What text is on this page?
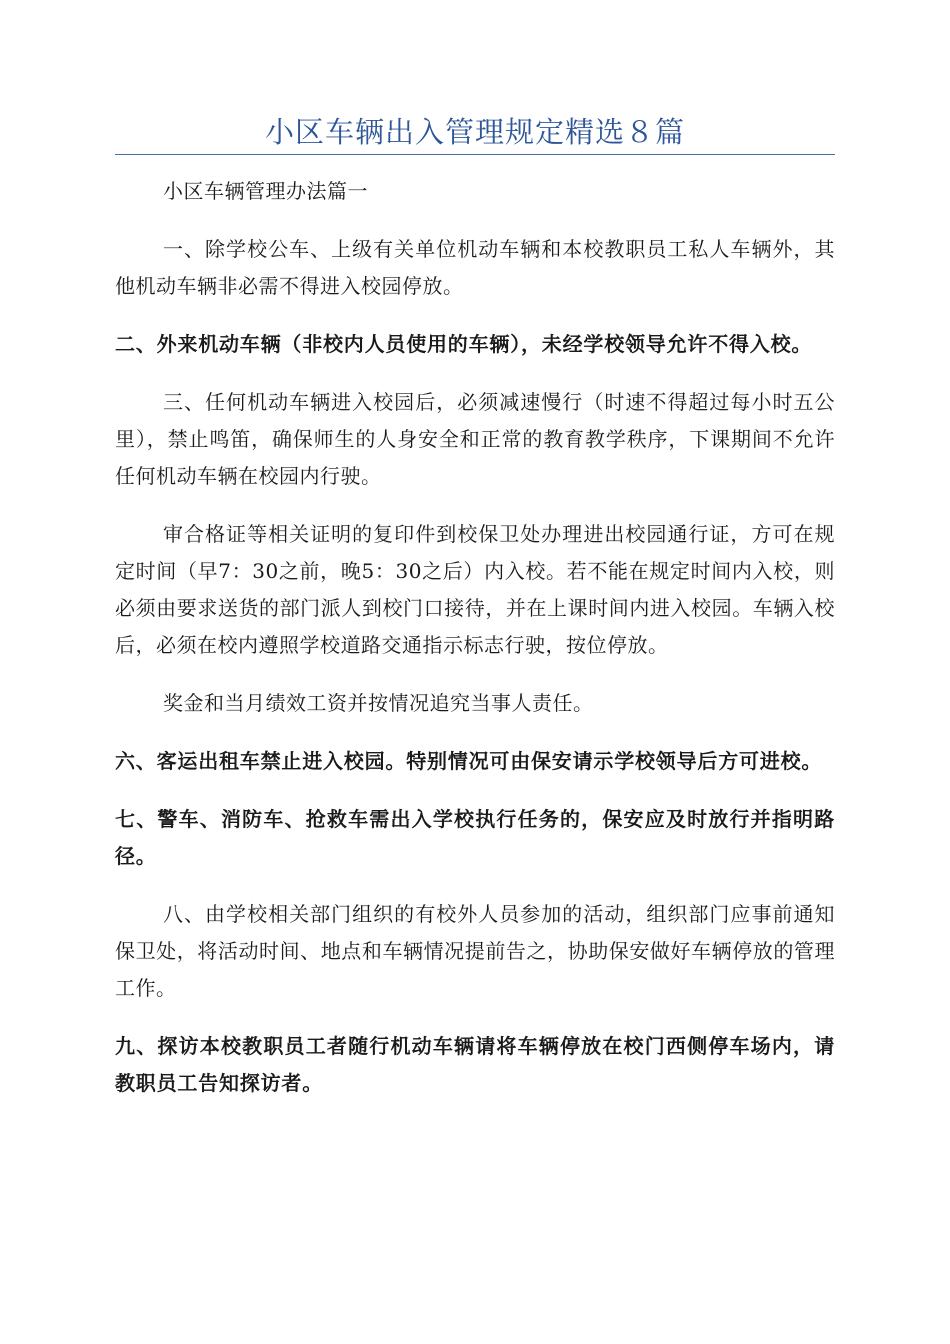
小区车辆出入管理规定精选８篇

小区车辆管理办法篇一

一、除学校公车、上级有关单位机动车辆和本校教职员工私人车辆外，其他机动车辆非必需不得进入校园停放。

二、外来机动车辆（非校内人员使用的车辆），未经学校领导允许不得入校。

三、任何机动车辆进入校园后，必须减速慢行（时速不得超过每小时五公里），禁止鸣笛，确保师生的人身安全和正常的教育教学秩序，下课期间不允许任何机动车辆在校园内行驶。

审合格证等相关证明的复印件到校保卫处办理进出校园通行证，方可在规定时间（早7：30之前，晚5：30之后）内入校。若不能在规定时间内入校，则必须由要求送货的部门派人到校门口接待，并在上课时间内进入校园。车辆入校后，必须在校内遵照学校道路交通指示标志行驶，按位停放。

奖金和当月绩效工资并按情况追究当事人责任。

六、客运出租车禁止进入校园。特别情况可由保安请示学校领导后方可进校。

七、警车、消防车、抢救车需出入学校执行任务的，保安应及时放行并指明路径。

八、由学校相关部门组织的有校外人员参加的活动，组织部门应事前通知保卫处，将活动时间、地点和车辆情况提前告之，协助保安做好车辆停放的管理工作。

九、探访本校教职员工者随行机动车辆请将车辆停放在校门西侧停车场内，请教职员工告知探访者。
